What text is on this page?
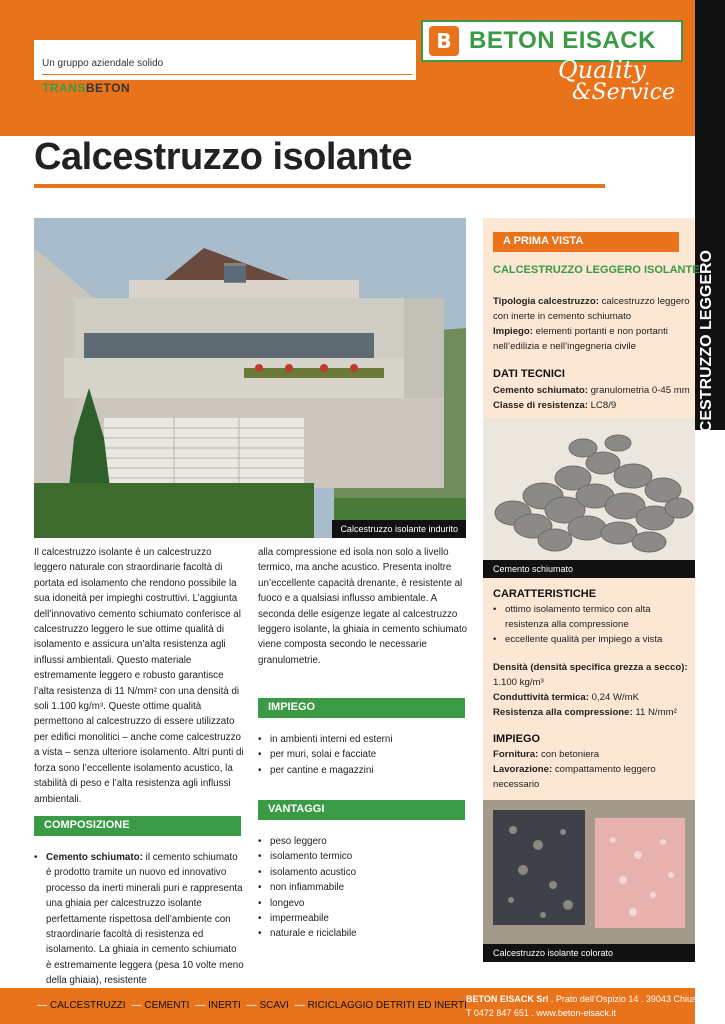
Un gruppo aziendale solido
TRANSBETON
B BETON EISACK
Quality
&Service
CALCESTRUZZO LEGGERO
Calcestruzzo isolante
Calcestruzzo isolante indurito
A PRIMA VISTA
CALCESTRUZZO LEGGERO ISOLANTE
Tipologia calcestruzzo: calcestruzzo leggero con inerte in cemento schiumato
Impiego: elementi portanti e non portanti nell’edilizia e nell’ingegneria civile
DATI TECNICI
Cemento schiumato: granulometria 0-45 mm
Classe di resistenza: LC8/9
Cemento schiumato
CARATTERISTICHE
• ottimo isolamento termico con alta resistenza alla compressione
• eccellente qualità per impiego a vista
Densità (densità specifica grezza a secco):
1.100 kg/m³
Conduttività termica: 0,24 W/mK
Resistenza alla compressione: 11 N/mm²
IMPIEGO
Fornitura: con betoniera
Lavorazione: compattamento leggero necessario
Calcestruzzo isolante colorato

Il calcestruzzo isolante è un calcestruzzo leggero naturale con straordinarie facoltà di portata ed isolamento che rendono possibile la sua idoneità per impieghi costruttivi. L’aggiunta dell’innovativo cemento schiumato conferisce al calcestruzzo leggero le sue ottime qualità di isolamento e assicura un’alta resistenza agli influssi ambientali. Questo materiale estremamente leggero e robusto garantisce l’alta resistenza di 11 N/mm² con una densità di soli 1.100 kg/m³. Queste ottime qualità permettono al calcestruzzo di essere utilizzato per edifici monolitici – anche come calcestruzzo a vista – senza ulteriore isolamento. Altri punti di forza sono l’eccellente isolamento acustico, la stabilità di peso e l’alta resistenza agli influssi ambientali.

COMPOSIZIONE
• Cemento schiumato: il cemento schiumato è prodotto tramite un nuovo ed innovativo processo da inerti minerali puri e rappresenta una ghiaia per calcestruzzo isolante perfettamente rispettosa dell’ambiente con straordinarie facoltà di resistenza ed isolamento. La ghiaia in cemento schiumato è estremamente leggera (pesa 10 volte meno della ghiaia), resistente

alla compressione ed isola non solo a livello termico, ma anche acustico. Presenta inoltre un’eccellente capacità drenante, è resistente al fuoco e a qualsiasi influsso ambientale. A seconda delle esigenze legate al calcestruzzo leggero isolante, la ghiaia in cemento schiumato viene composta secondo le necessarie granulometrie.

IMPIEGO
• in ambienti interni ed esterni
• per muri, solai e facciate
• per cantine e magazzini
VANTAGGI
• peso leggero
• isolamento termico
• isolamento acustico
• non infiammabile
• longevo
• impermeabile
• naturale e riciclabile
— CALCESTRUZZI — CEMENTI — INERTI — SCAVI — RICICLAGGIO DETRITI ED INERTI
BETON EISACK Srl . Prato dell’Ospizio 14 . 39043 Chiusa
T 0472 847 651 . www.beton-eisack.it
